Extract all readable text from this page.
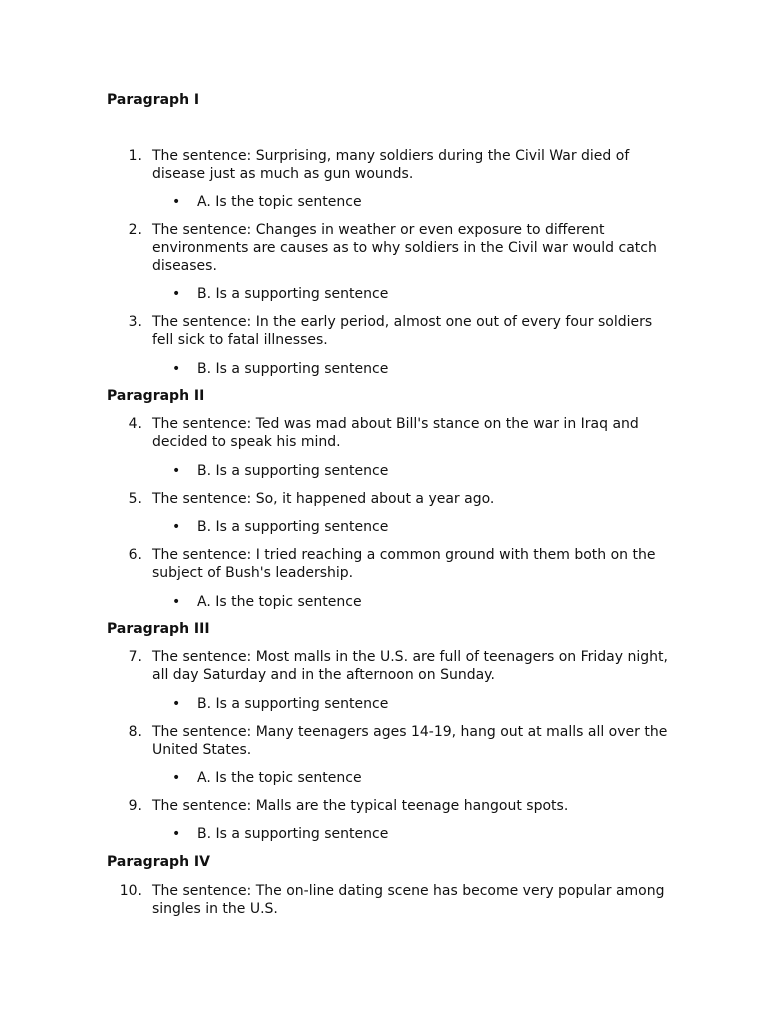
Paragraph I
1. The sentence: Surprising, many soldiers during the Civil War died of disease just as much as gun wounds.
• A. Is the topic sentence
2. The sentence: Changes in weather or even exposure to different environments are causes as to why soldiers in the Civil war would catch diseases.
• B. Is a supporting sentence
3. The sentence: In the early period, almost one out of every four soldiers fell sick to fatal illnesses.
• B. Is a supporting sentence
Paragraph II
4. The sentence: Ted was mad about Bill's stance on the war in Iraq and decided to speak his mind.
• B. Is a supporting sentence
5. The sentence: So, it happened about a year ago.
• B. Is a supporting sentence
6. The sentence: I tried reaching a common ground with them both on the subject of Bush's leadership.
• A. Is the topic sentence
Paragraph III
7. The sentence: Most malls in the U.S. are full of teenagers on Friday night, all day Saturday and in the afternoon on Sunday.
• B. Is a supporting sentence
8. The sentence: Many teenagers ages 14-19, hang out at malls all over the United States.
• A. Is the topic sentence
9. The sentence: Malls are the typical teenage hangout spots.
• B. Is a supporting sentence
Paragraph IV
10. The sentence: The on-line dating scene has become very popular among singles in the U.S.
